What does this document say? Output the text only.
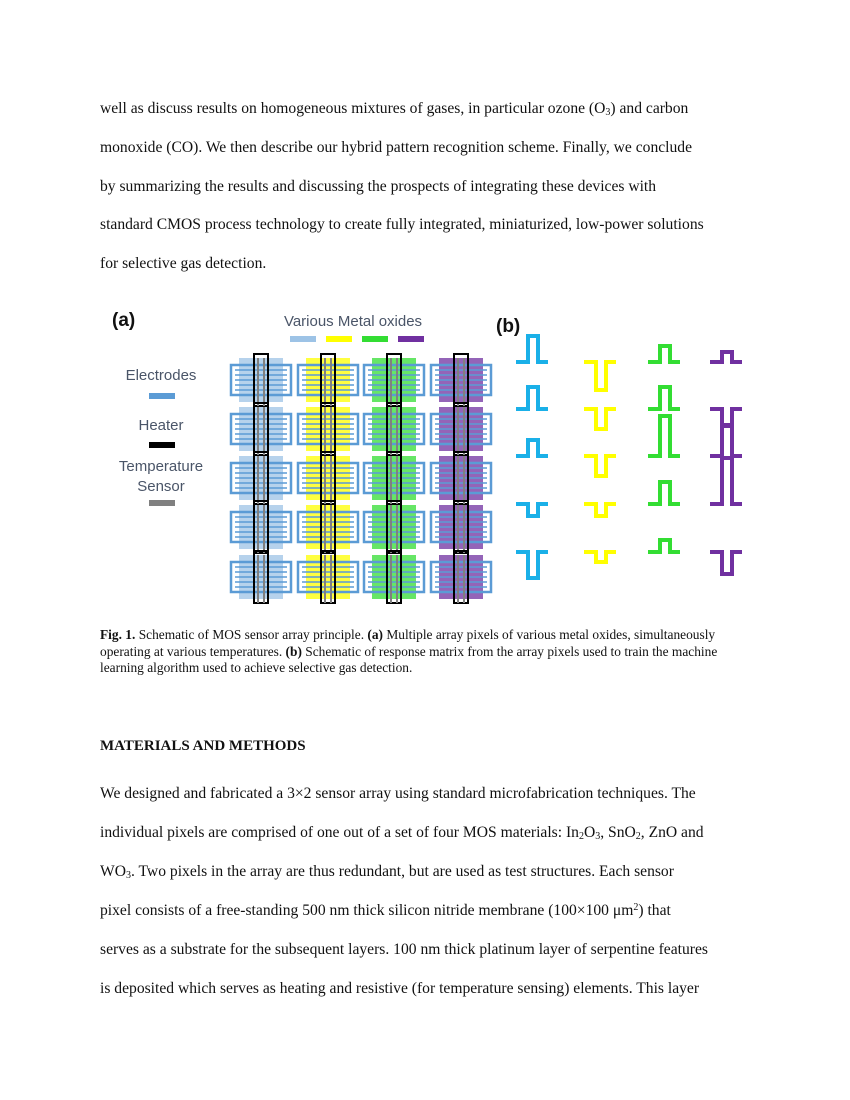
well as discuss results on homogeneous mixtures of gases, in particular ozone $(O_3)$ and carbon
monoxide (CO). We then describe our hybrid pattern recognition scheme. Finally, we conclude
by summarizing the results and discussing the prospects of integrating these devices with
standard CMOS process technology to create fully integrated, miniaturized, low-power solutions
for selective gas detection.
(a)	(b)
Various Metal oxides
Electrodes
Heater
Temperature
Sensor
Fig. 1. Schematic of MOS sensor array principle. (a) Multiple array pixels of various metal oxides, simultaneously operating at various temperatures. (b) Schematic of response matrix from the array pixels used to train the machine learning algorithm used to achieve selective gas detection.
MATERIALS AND METHODS
We designed and fabricated a 3×2 sensor array using standard microfabrication techniques. The
individual pixels are comprised of one out of a set of four MOS materials: $In_2O_3$, SnO$_2$, ZnO and
$WO_3$. Two pixels in the array are thus redundant, but are used as test structures. Each sensor
pixel consists of a free-standing 500 nm thick silicon nitride membrane (100×100 $\mu m^2$) that
serves as a substrate for the subsequent layers. 100 nm thick platinum layer of serpentine features
is deposited which serves as heating and resistive (for temperature sensing) elements. This layer
